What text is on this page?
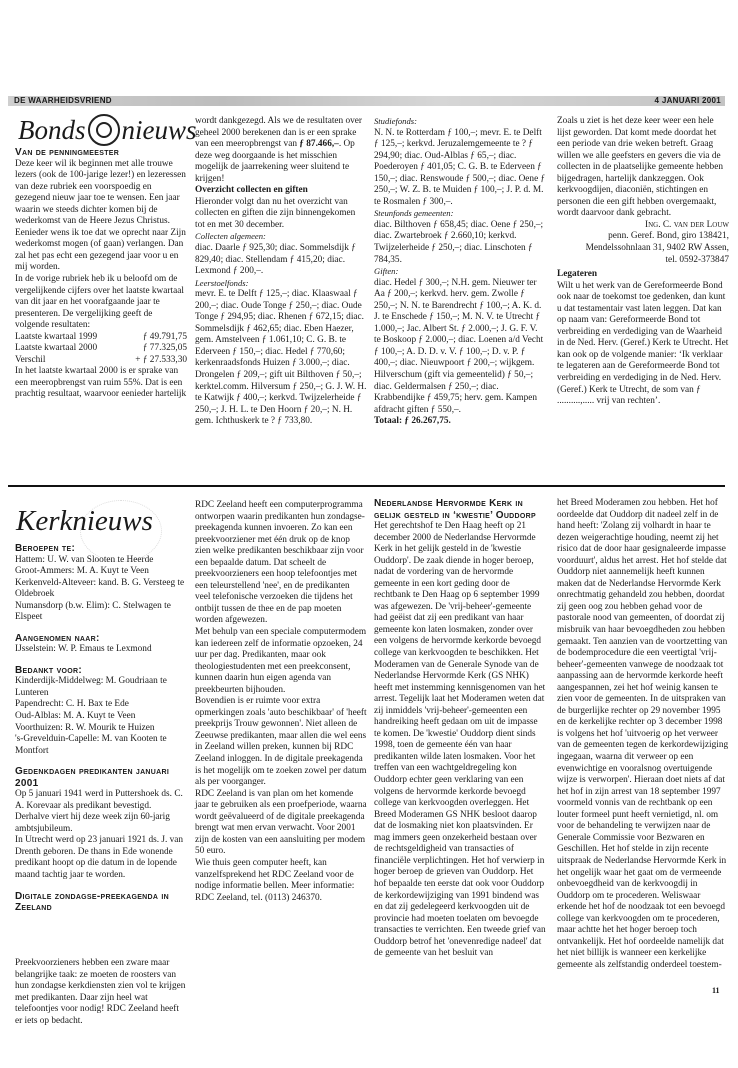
DE WAARHEIDSVRIEND	4 JANUARI 2001
Bonds nieuws

Van de penningmeester

Deze keer wil ik beginnen met alle trouwe lezers (ook de 100-jarige lezer!) en lezeressen van deze rubriek een voorspoedig en gezegend nieuw jaar toe te wensen. Een jaar waarin we steeds dichter komen bij de wederkomst van de Heere Jezus Christus. Eenieder wens ik toe dat we oprecht naar Zijn wederkomst mogen (of gaan) verlangen. Dan zal het pas echt een gezegend jaar voor u en mij worden.

In de vorige rubriek heb ik u beloofd om de vergelijkende cijfers over het laatste kwartaal van dit jaar en het voorafgaande jaar te presenteren. De vergelijking geeft de volgende resultaten:

Laatste kwartaal 1999	ƒ 49.791,75
Laatste kwartaal 2000	ƒ 77.325,05
Verschil	+ ƒ 27.533,30

In het laatste kwartaal 2000 is er sprake van een meeropbrengst van ruim 55%. Dat is een prachtig resultaat, waarvoor eenieder hartelijk

wordt dankgezegd. Als we de resultaten over geheel 2000 berekenen dan is er een sprake van een meeropbrengst van ƒ 87.466,–. Op deze weg doorgaande is het misschien mogelijk de jaarrekening weer sluitend te krijgen!

Overzicht collecten en giften

Hieronder volgt dan nu het overzicht van collecten en giften die zijn binnengekomen tot en met 30 december.

Collecten algemeen:

diac. Daarle ƒ 925,30; diac. Sommelsdijk ƒ 829,40; diac. Stellendam ƒ 415,20; diac. Lexmond ƒ 200,–.

Leerstoelfonds:

mevr. E. te Delft ƒ 125,–; diac. Klaaswaal ƒ 200,–; diac. Oude Tonge ƒ 250,–; diac. Oude Tonge ƒ 294,95; diac. Rhenen ƒ 672,15; diac. Sommelsdijk ƒ 462,65; diac. Eben Haezer, gem. Amstelveen ƒ 1.061,10; C. G. B. te Ederveen ƒ 150,–; diac. Hedel ƒ 770,60; kerkenraadsfonds Huizen ƒ 3.000,–; diac. Drongelen ƒ 209,–; gift uit Bilthoven ƒ 50,–; kerktel.comm. Hilversum ƒ 250,–; G. J. W. H. te Katwijk ƒ 400,–; kerkvd. Twijzelerheide ƒ 250,–; J. H. L. te Den Hoorn ƒ 20,–; N. H. gem. Ichthuskerk te ? ƒ 733,80.

Studiefonds:

N. N. te Rotterdam ƒ 100,–; mevr. E. te Delft ƒ 125,–; kerkvd. Jeruzalemgemeente te ? ƒ 294,90; diac. Oud-Alblas ƒ 65,–; diac. Poederoyen ƒ 401,05; C. G. B. te Ederveen ƒ 150,–; diac. Renswoude ƒ 500,–; diac. Oene ƒ 250,–; W. Z. B. te Muiden ƒ 100,–; J. P. d. M. te Rosmalen ƒ 300,–.

Steunfonds gemeenten:

diac. Bilthoven ƒ 658,45; diac. Oene ƒ 250,–; diac. Zwartebroek ƒ 2.660,10; kerkvd. Twijzelerheide ƒ 250,–; diac. Linschoten ƒ 784,35.

Giften:

diac. Hedel ƒ 300,–; N.H. gem. Nieuwer ter Aa ƒ 200,–; kerkvd. herv. gem. Zwolle ƒ 250,–; N. N. te Barendrecht ƒ 100,–; A. K. d. J. te Enschede ƒ 150,–; M. N. V. te Utrecht ƒ 1.000,–; Jac. Albert St. ƒ 2.000,–; J. G. F. V. te Boskoop ƒ 2.000,–; diac. Loenen a/d Vecht ƒ 100,–; A. D. D. v. V. ƒ 100,–; D. v. P. ƒ 400,–; diac. Nieuwpoort ƒ 200,–; wijkgem. Hilverschum (gift via gemeentelid) ƒ 50,–; diac. Geldermalsen ƒ 250,–; diac. Krabbendijke ƒ 459,75; herv. gem. Kampen afdracht giften ƒ 550,–.

Totaal: ƒ 26.267,75.

Zoals u ziet is het deze keer weer een hele lijst geworden. Dat komt mede doordat het een periode van drie weken betreft. Graag willen we alle geefsters en gevers die via de collecten in de plaatselijke gemeente hebben bijgedragen, hartelijk dankzeggen. Ook kerkvoogdijen, diaconiën, stichtingen en personen die een gift hebben overgemaakt, wordt daarvoor dank gebracht.

Ing. C. van der Louw

penn. Geref. Bond, giro 138421,

Mendelssohnlaan 31, 9402 RW Assen,

tel. 0592-373847

Legateren

Wilt u het werk van de Gereformeerde Bond ook naar de toekomst toe gedenken, dan kunt u dat testamentair vast laten leggen. Dat kan op naam van: Gereformeerde Bond tot verbreiding en verdediging van de Waarheid in de Ned. Herv. (Geref.) Kerk te Utrecht. Het kan ook op de volgende manier: ‘Ik verklaar te legateren aan de Gereformeerde Bond tot verbreiding en verdediging in de Ned. Herv. (Geref.) Kerk te Utrecht, de som van ƒ ..........,..... vrij van rechten’.

Kerknieuws

Beroepen te:

Hattem: U. W. van Slooten te Heerde

Groot-Ammers: M. A. Kuyt te Veen

Kerkenveld-Alteveer: kand. B. G. Versteeg te Oldebroek

Numansdorp (b.w. Elim): C. Stelwagen te Elspeet

Aangenomen naar:

IJsselstein: W. P. Emaus te Lexmond

Bedankt voor:

Kinderdijk-Middelweg: M. Goudriaan te Lunteren

Papendrecht: C. H. Bax te Ede

Oud-Alblas: M. A. Kuyt te Veen

Voorthuizen: R. W. Mourik te Huizen

's-Grevelduin-Capelle: M. van Kooten te Montfort

Gedenkdagen predikanten januari 2001

Op 5 januari 1941 werd in Puttershoek ds. C. A. Korevaar als predikant bevestigd. Derhalve viert hij deze week zijn 60-jarig ambtsjubileum.

In Utrecht werd op 23 januari 1921 ds. J. van Drenth geboren. De thans in Ede wonende predikant hoopt op die datum in de lopende maand tachtig jaar te worden.

Digitale zondagse-preekagenda in Zeeland

Preekvoorzieners hebben een zware maar belangrijke taak: ze moeten de roosters van hun zondagse kerkdiensten zien vol te krijgen met predikanten. Daar zijn heel wat telefoontjes voor nodig! RDC Zeeland heeft er iets op bedacht.

RDC Zeeland heeft een computerprogramma ontworpen waarin predikanten hun zondagse-preekagenda kunnen invoeren. Zo kan een preekvoorziener met één druk op de knop zien welke predikanten beschikbaar zijn voor een bepaalde datum. Dat scheelt de preekvoorzieners een hoop telefoontjes met een teleurstellend 'nee', en de predikanten veel telefonische verzoeken die tijdens het ontbijt tussen de thee en de pap moeten worden afgewezen.

Met behulp van een speciale computermodem kan iedereen zelf de informatie opzoeken, 24 uur per dag. Predikanten, maar ook theologiestudenten met een preekconsent, kunnen daarin hun eigen agenda van preekbeurten bijhouden.

Bovendien is er ruimte voor extra opmerkingen zoals 'auto beschikbaar' of 'heeft preekprijs Trouw gewonnen'. Niet alleen de Zeeuwse predikanten, maar allen die wel eens in Zeeland willen preken, kunnen bij RDC Zeeland inloggen. In de digitale preekagenda is het mogelijk om te zoeken zowel per datum als per voorganger.

RDC Zeeland is van plan om het komende jaar te gebruiken als een proefperiode, waarna wordt geëvalueerd of de digitale preekagenda brengt wat men ervan verwacht. Voor 2001 zijn de kosten van een aansluiting per modem 50 euro.

Wie thuis geen computer heeft, kan vanzelfsprekend het RDC Zeeland voor de nodige informatie bellen. Meer informatie: RDC Zeeland, tel. (0113) 246370.

Nederlandse Hervormde Kerk in gelijk gesteld in ‘kwestie’ Ouddorp

Het gerechtshof te Den Haag heeft op 21 december 2000 de Nederlandse Hervormde Kerk in het gelijk gesteld in de 'kwestie Ouddorp'. De zaak diende in hoger beroep, nadat de vordering van de hervormde gemeente in een kort geding door de rechtbank te Den Haag op 6 september 1999 was afgewezen. De 'vrij-beheer'-gemeente had geëist dat zij een predikant van haar gemeente kon laten losmaken, zonder over een volgens de hervormde kerkorde bevoegd college van kerkvoogden te beschikken. Het Moderamen van de Generale Synode van de Nederlandse Hervormde Kerk (GS NHK) heeft met instemming kennisgenomen van het arrest. Tegelijk laat het Moderamen weten dat zij inmiddels 'vrij-beheer'-gemeenten een handreiking heeft gedaan om uit de impasse te komen. De 'kwestie' Ouddorp dient sinds 1998, toen de gemeente één van haar predikanten wilde laten losmaken. Voor het treffen van een wachtgeldregeling kon Ouddorp echter geen verklaring van een volgens de hervormde kerkorde bevoegd college van kerkvoogden overleggen. Het Breed Moderamen GS NHK besloot daarop dat de losmaking niet kon plaatsvinden. Er mag immers geen onzekerheid bestaan over de rechtsgeldigheid van transacties of financiële verplichtingen. Het hof verwierp in hoger beroep de grieven van Ouddorp. Het hof bepaalde ten eerste dat ook voor Ouddorp de kerkordewijziging van 1991 bindend was en dat zij gedelegeerd kerkvoogden uit de provincie had moeten toelaten om bevoegde transacties te verrichten. Een tweede grief van Ouddorp betrof het 'onevenredige nadeel' dat de gemeente van het besluit van

het Breed Moderamen zou hebben. Het hof oordeelde dat Ouddorp dit nadeel zelf in de hand heeft: 'Zolang zij volhardt in haar te dezen weigerachtige houding, neemt zij het risico dat de door haar gesignaleerde impasse voorduurt', aldus het arrest. Het hof stelde dat Ouddorp niet aannemelijk heeft kunnen maken dat de Nederlandse Hervormde Kerk onrechtmatig gehandeld zou hebben, doordat zij geen oog zou hebben gehad voor de pastorale nood van gemeenten, of doordat zij misbruik van haar bevoegdheden zou hebben gemaakt. Ten aanzien van de voortzetting van de bodemprocedure die een veertigtal 'vrij-beheer'-gemeenten vanwege de noodzaak tot aanpassing aan de hervormde kerkorde heeft aangespannen, zei het hof weinig kansen te zien voor de gemeenten. In de uitspraken van de burgerlijke rechter op 29 november 1995 en de kerkelijke rechter op 3 december 1998 is volgens het hof 'uitvoerig op het verweer van de gemeenten tegen de kerkordewijziging ingegaan, waarna dit verweer op een evenwichtige en vooralsnog overtuigende wijze is verworpen'. Hieraan doet niets af dat het hof in zijn arrest van 18 september 1997 voormeld vonnis van de rechtbank op een louter formeel punt heeft vernietigd, nl. om voor de behandeling te verwijzen naar de Generale Commissie voor Bezwaren en Geschillen. Het hof stelde in zijn recente uitspraak de Nederlandse Hervormde Kerk in het ongelijk waar het gaat om de vermeende onbevoegdheid van de kerkvoogdij in Ouddorp om te procederen. Weliswaar erkende het hof de noodzaak tot een bevoegd college van kerkvoogden om te procederen, maar achtte het het hoger beroep toch ontvankelijk. Het hof oordeelde namelijk dat het niet billijk is wanneer een kerkelijke gemeente als zelfstandig onderdeel toestem-

11
